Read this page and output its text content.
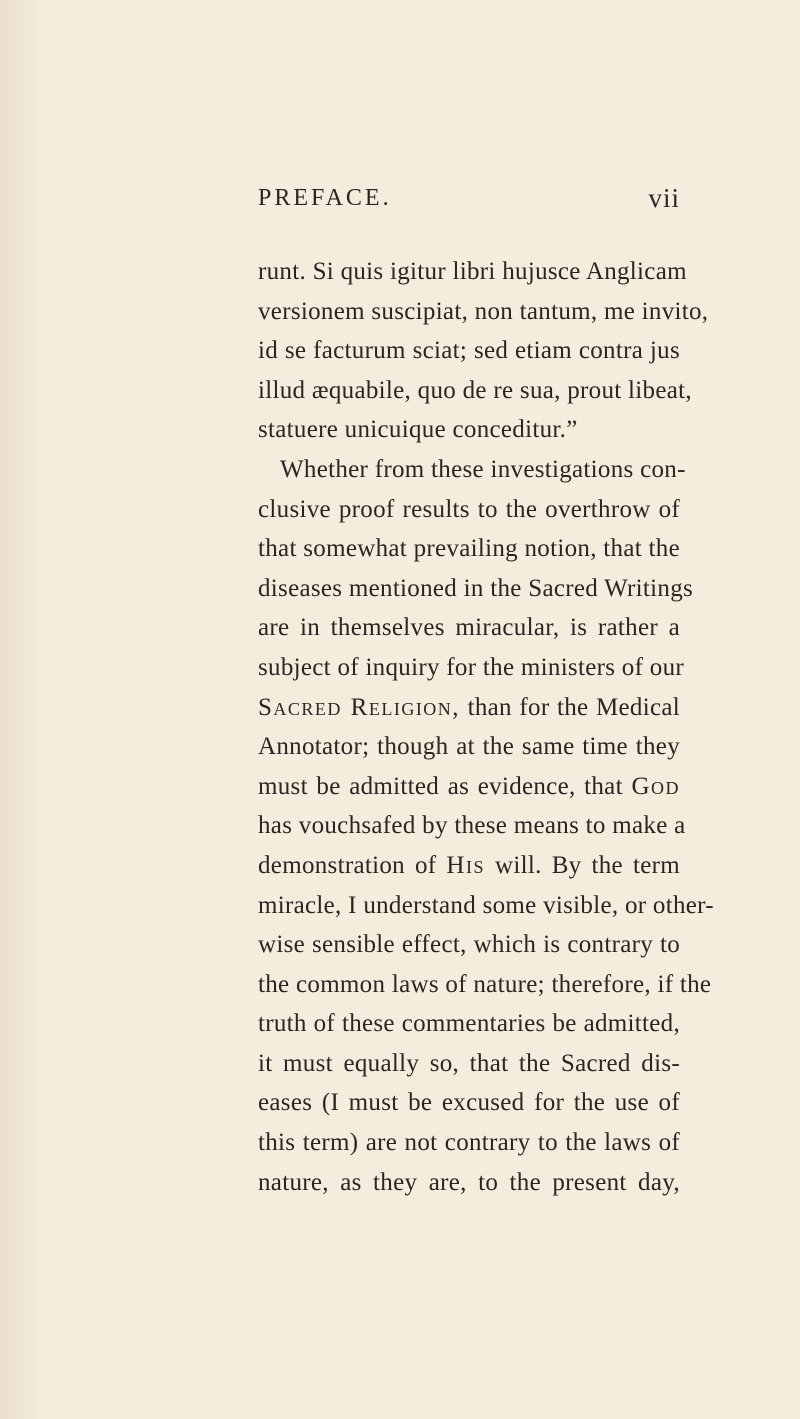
PREFACE.	vii
runt. Si quis igitur libri hujusce Anglicam
versionem suscipiat, non tantum, me invito,
id se facturum sciat; sed etiam contra jus
illud æquabile, quo de re sua, prout libeat,
statuere unicuique conceditur.”
Whether from these investigations con-
clusive proof results to the overthrow of
that somewhat prevailing notion, that the
diseases mentioned in the Sacred Writings
are in themselves miracular, is rather a
subject of inquiry for the ministers of our
Sacred Religion, than for the Medical
Annotator; though at the same time they
must be admitted as evidence, that God
has vouchsafed by these means to make a
demonstration of His will. By the term
miracle, I understand some visible, or other-
wise sensible effect, which is contrary to
the common laws of nature; therefore, if the
truth of these commentaries be admitted,
it must equally so, that the Sacred dis-
eases (I must be excused for the use of
this term) are not contrary to the laws of
nature, as they are, to the present day,
